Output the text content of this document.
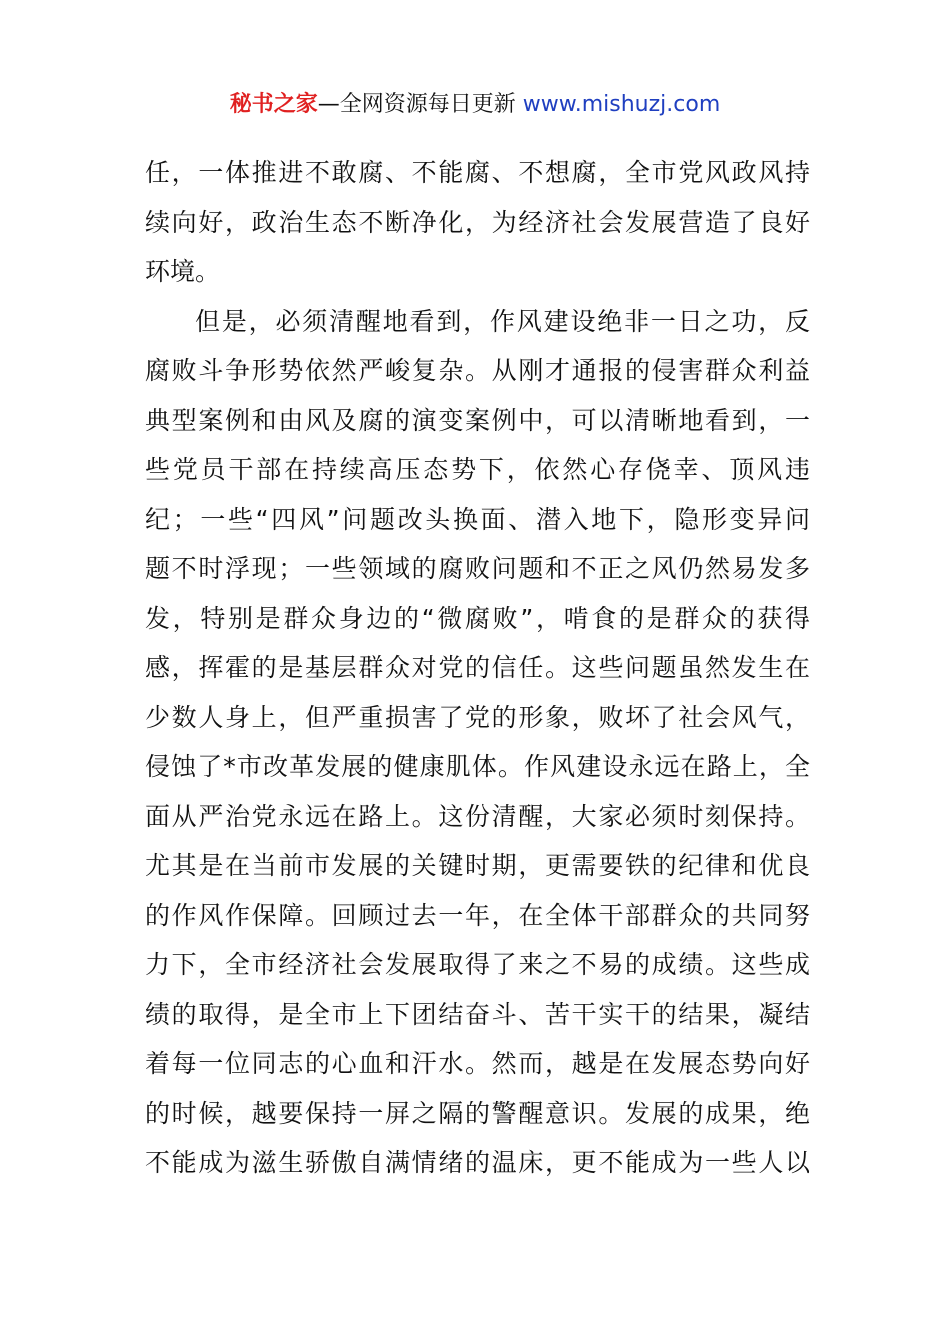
秘书之家—全网资源每日更新 www.mishuzj.com
任，一体推进不敢腐、不能腐、不想腐，全市党风政风持
续向好，政治生态不断净化，为经济社会发展营造了良好
环境。
但是，必须清醒地看到，作风建设绝非一日之功，反
腐败斗争形势依然严峻复杂。从刚才通报的侵害群众利益
典型案例和由风及腐的演变案例中，可以清晰地看到，一
些党员干部在持续高压态势下，依然心存侥幸、顶风违
纪；一些“四风”问题改头换面、潜入地下，隐形变异问
题不时浮现；一些领域的腐败问题和不正之风仍然易发多
发，特别是群众身边的“微腐败”，啃食的是群众的获得
感，挥霍的是基层群众对党的信任。这些问题虽然发生在
少数人身上，但严重损害了党的形象，败坏了社会风气，
侵蚀了*市改革发展的健康肌体。作风建设永远在路上，全
面从严治党永远在路上。这份清醒，大家必须时刻保持。
尤其是在当前市发展的关键时期，更需要铁的纪律和优良
的作风作保障。回顾过去一年，在全体干部群众的共同努
力下，全市经济社会发展取得了来之不易的成绩。这些成
绩的取得，是全市上下团结奋斗、苦干实干的结果，凝结
着每一位同志的心血和汗水。然而，越是在发展态势向好
的时候，越要保持一屏之隔的警醒意识。发展的成果，绝
不能成为滋生骄傲自满情绪的温床，更不能成为一些人以
